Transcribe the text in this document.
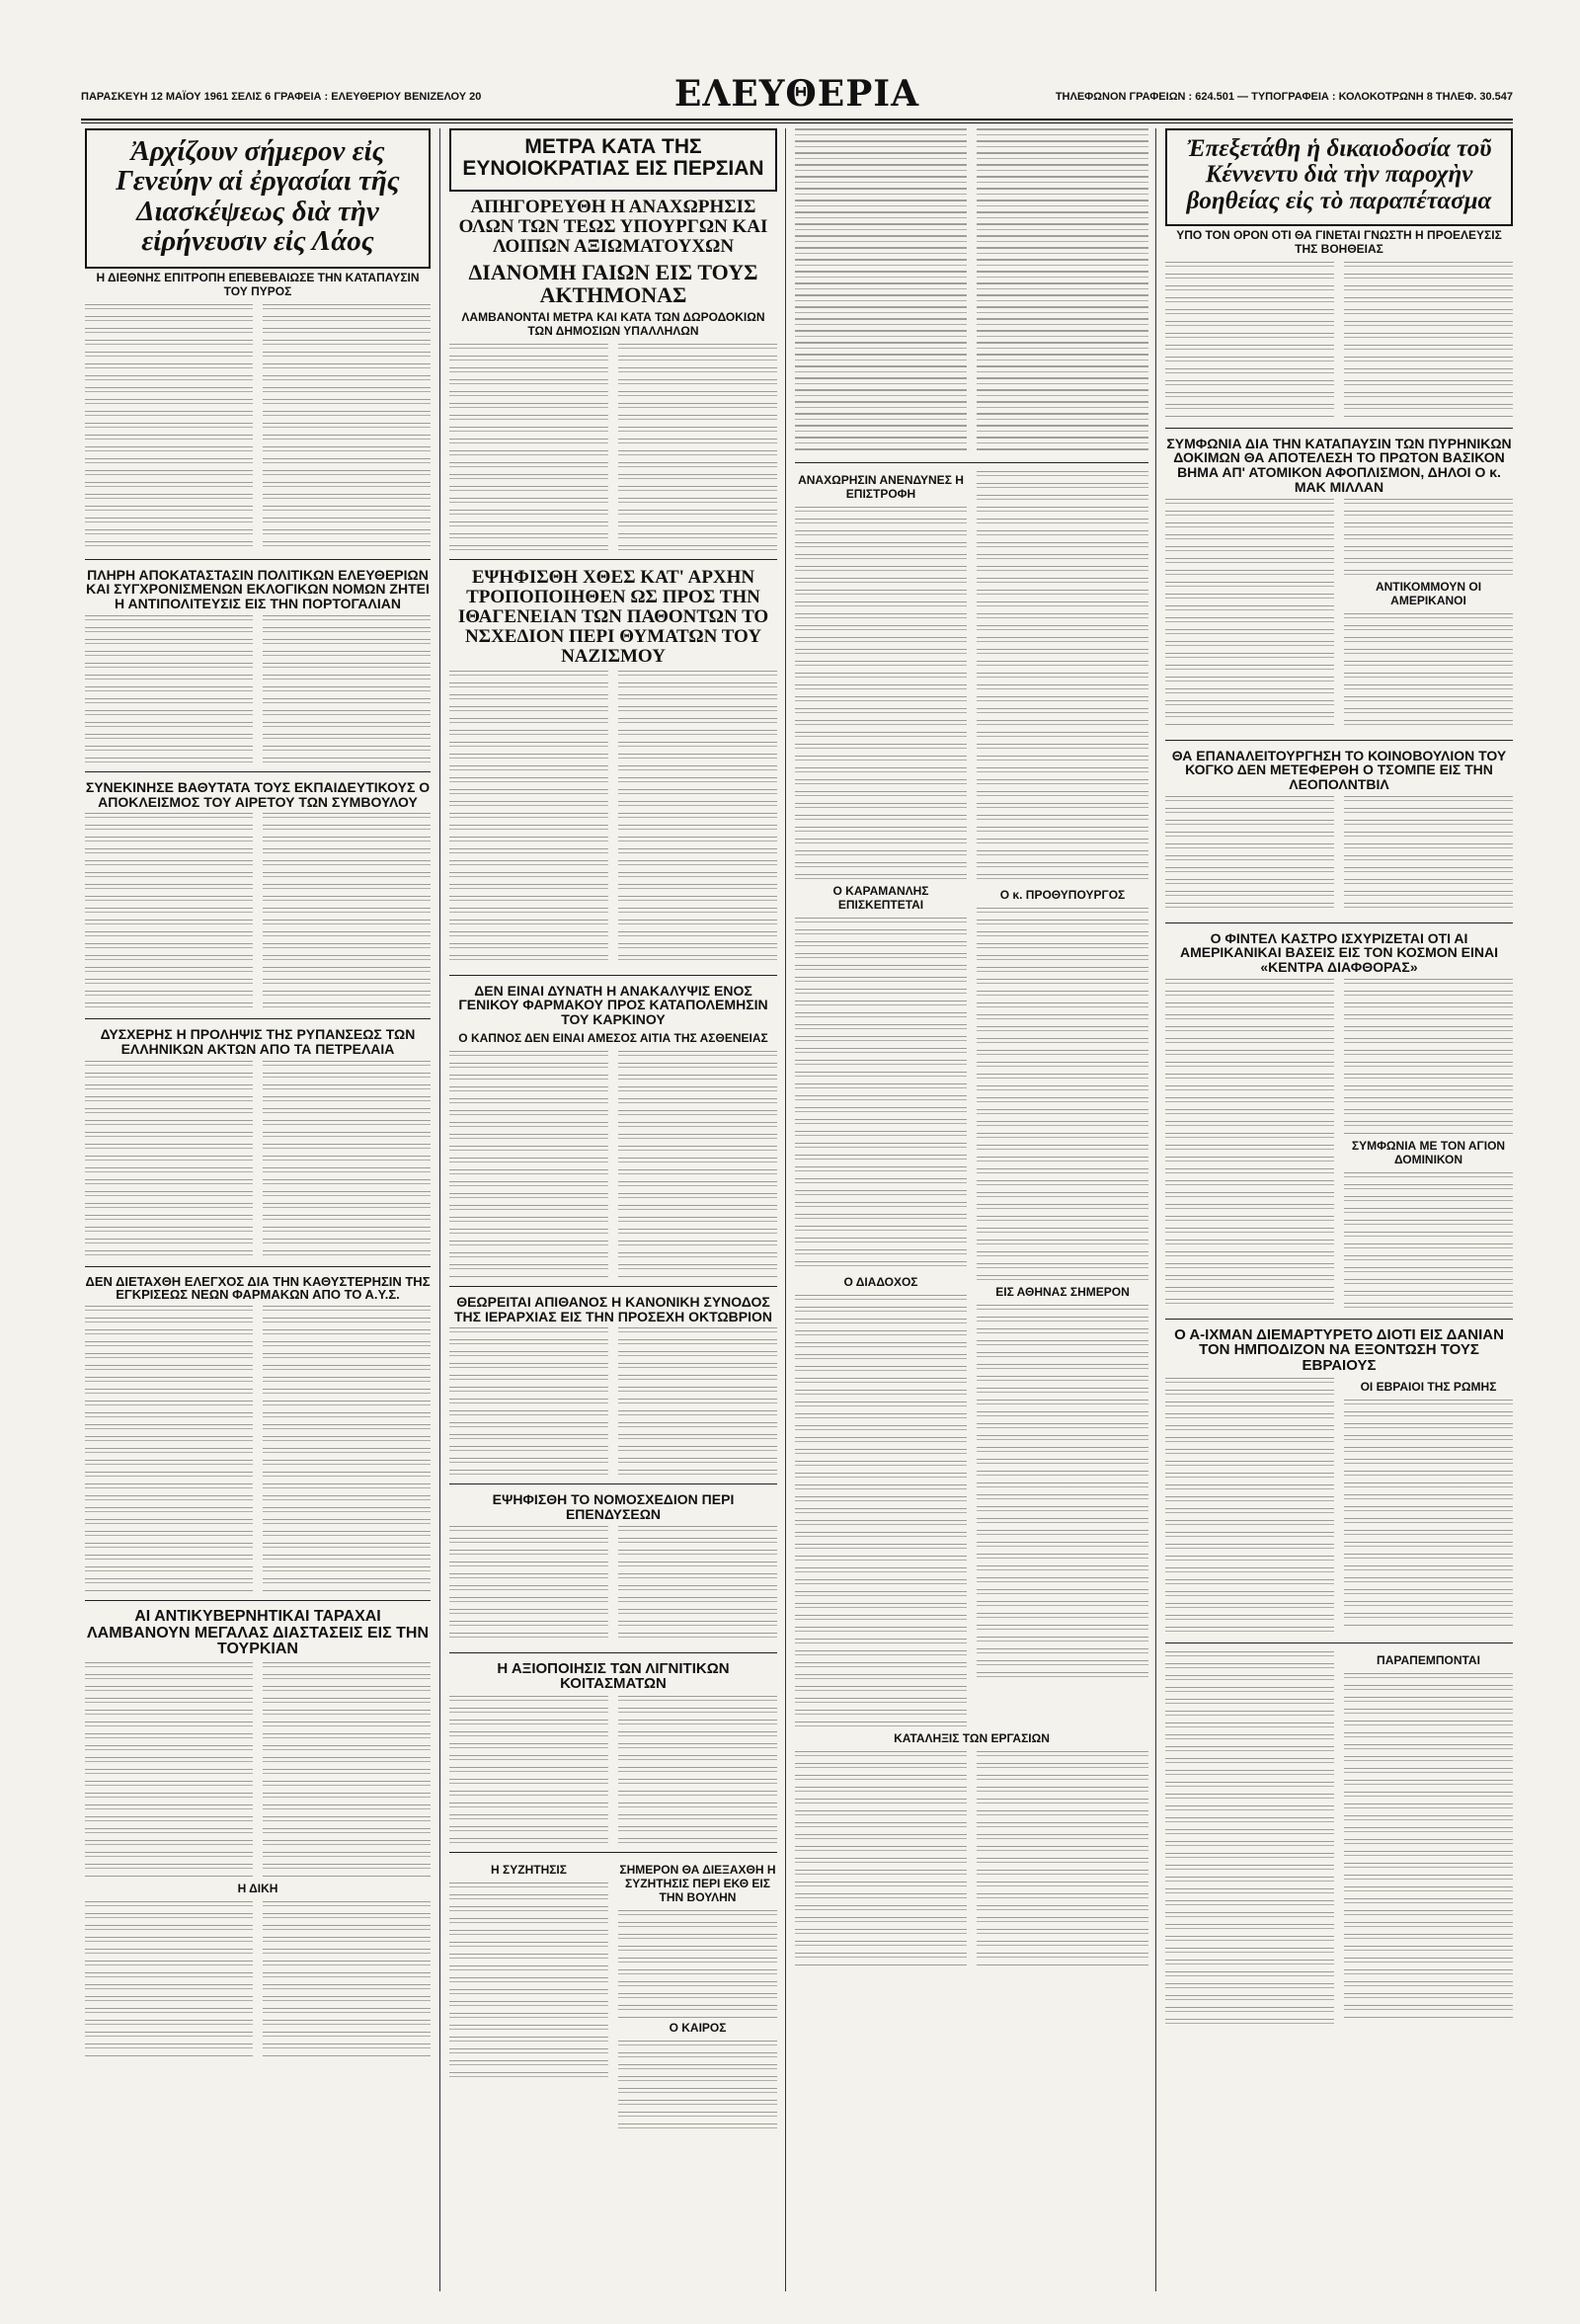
ΠΑΡΑΣΚΕΥΗ 12 ΜΑΪΟΥ 1961 ΣΕΛΙΣ 6 ΓΡΑΦΕΙΑ : ΕΛΕΥΘΕΡΙΟΥ ΒΕΝΙΖΕΛΟΥ 20	ΕΛΕΥΘΕΡΙΑ	ΤΗΛΕΦΩΝΟΝ ΓΡΑΦΕΙΩΝ : 624.501 — ΤΥΠΟΓΡΑΦΕΙΑ : ΚΟΛΟΚΟΤΡΩΝΗ 8 ΤΗΛΕΦ. 30.547
Ἀρχίζουν σήμερον εἰς Γενεύην αἱ ἐργασίαι τῆς Διασκέψεως διὰ τὴν εἰρήνευσιν εἰς Λάος
Η ΔΙΕΘΝΗΣ ΕΠΙΤΡΟΠΗ ΕΠΕΒΕΒΑΙΩΣΕ ΤΗΝ ΚΑΤΑΠΑΥΣΙΝ ΤΟΥ ΠΥΡΟΣ
ΠΛΗΡΗ ΑΠΟΚΑΤΑΣΤΑΣΙΝ ΠΟΛΙΤΙΚΩΝ ΕΛΕΥΘΕΡΙΩΝ ΚΑΙ ΣΥΓΧΡΟΝΙΣΜΕΝΩΝ ΕΚΛΟΓΙΚΩΝ ΝΟΜΩΝ ΖΗΤΕΙ Η ΑΝΤΙΠΟΛΙΤΕΥΣΙΣ ΕΙΣ ΤΗΝ ΠΟΡΤΟΓΑΛΙΑΝ
ΣΥΝΕΚΙΝΗΣΕ ΒΑΘΥΤΑΤΑ ΤΟΥΣ ΕΚΠΑΙΔΕΥΤΙΚΟΥΣ Ο ΑΠΟΚΛΕΙΣΜΟΣ ΤΟΥ ΑΙΡΕΤΟΥ ΤΩΝ ΣΥΜΒΟΥΛΟΥ
ΔΥΣΧΕΡΗΣ Η ΠΡΟΛΗΨΙΣ ΤΗΣ ΡΥΠΑΝΣΕΩΣ ΤΩΝ ΕΛΛΗΝΙΚΩΝ ΑΚΤΩΝ ΑΠΟ ΤΑ ΠΕΤΡΕΛΑΙΑ
ΔΕΝ ΔΙΕΤΑΧΘΗ ΕΛΕΓΧΟΣ ΔΙΑ ΤΗΝ ΚΑΘΥΣΤΕΡΗΣΙΝ ΤΗΣ ΕΓΚΡΙΣΕΩΣ ΝΕΩΝ ΦΑΡΜΑΚΩΝ ΑΠΟ ΤΟ Α.Υ.Σ.
ΑΙ ΑΝΤΙΚΥΒΕΡΝΗΤΙΚΑΙ ΤΑΡΑΧΑΙ ΛΑΜΒΑΝΟΥΝ ΜΕΓΑΛΑΣ ΔΙΑΣΤΑΣΕΙΣ ΕΙΣ ΤΗΝ ΤΟΥΡΚΙΑΝ
Η ΔΙΚΗ
ΜΕΤΡΑ ΚΑΤΑ ΤΗΣ ΕΥΝΟΙΟΚΡΑΤΙΑΣ ΕΙΣ ΠΕΡΣΙΑΝ
ΑΠΗΓΟΡΕΥΘΗ Η ΑΝΑΧΩΡΗΣΙΣ ΟΛΩΝ ΤΩΝ ΤΕΩΣ ΥΠΟΥΡΓΩΝ ΚΑΙ ΛΟΙΠΩΝ ΑΞΙΩΜΑΤΟΥΧΩΝ
ΔΙΑΝΟΜΗ ΓΑΙΩΝ ΕΙΣ ΤΟΥΣ ΑΚΤΗΜΟΝΑΣ
ΛΑΜΒΑΝΟΝΤΑΙ ΜΕΤΡΑ ΚΑΙ ΚΑΤΑ ΤΩΝ ΔΩΡΟΔΟΚΙΩΝ ΤΩΝ ΔΗΜΟΣΙΩΝ ΥΠΑΛΛΗΛΩΝ
ΕΨΗΦΙΣΘΗ ΧΘΕΣ ΚΑΤ' ΑΡΧΗΝ ΤΡΟΠΟΠΟΙΗΘΕΝ ΩΣ ΠΡΟΣ ΤΗΝ ΙΘΑΓΕΝΕΙΑΝ ΤΩΝ ΠΑΘΟΝΤΩΝ ΤΟ ΝΣΧΕΔΙΟΝ ΠΕΡΙ ΘΥΜΑΤΩΝ ΤΟΥ ΝΑΖΙΣΜΟΥ
ΔΕΝ ΕΙΝΑΙ ΔΥΝΑΤΗ Η ΑΝΑΚΑΛΥΨΙΣ ΕΝΟΣ ΓΕΝΙΚΟΥ ΦΑΡΜΑΚΟΥ ΠΡΟΣ ΚΑΤΑΠΟΛΕΜΗΣΙΝ ΤΟΥ ΚΑΡΚΙΝΟΥ
Ο ΚΑΠΝΟΣ ΔΕΝ ΕΙΝΑΙ ΑΜΕΣΟΣ ΑΙΤΙΑ ΤΗΣ ΑΣΘΕΝΕΙΑΣ
ΘΕΩΡΕΙΤΑΙ ΑΠΙΘΑΝΟΣ Η ΚΑΝΟΝΙΚΗ ΣΥΝΟΔΟΣ ΤΗΣ ΙΕΡΑΡΧΙΑΣ ΕΙΣ ΤΗΝ ΠΡΟΣΕΧΗ ΟΚΤΩΒΡΙΟΝ
ΕΨΗΦΙΣΘΗ ΤΟ ΝΟΜΟΣΧΕΔΙΟΝ ΠΕΡΙ ΕΠΕΝΔΥΣΕΩΝ
Η ΑΞΙΟΠΟΙΗΣΙΣ ΤΩΝ ΛΙΓΝΙΤΙΚΩΝ ΚΟΙΤΑΣΜΑΤΩΝ
Η ΣΥΖΗΤΗΣΙΣ	ΣΗΜΕΡΟΝ ΘΑ ΔΙΕΞΑΧΘΗ Η ΣΥΖΗΤΗΣΙΣ ΠΕΡΙ ΕΚΘ ΕΙΣ ΤΗΝ ΒΟΥΛΗΝ
Ο ΚΑΙΡΟΣ
ΑΝΑΧΩΡΗΣΙΝ ΑΝΕΝΔΥΝΕΣ Η ΕΠΙΣΤΡΟΦΗ
Ο ΚΑΡΑΜΑΝΛΗΣ ΕΠΙΣΚΕΠΤΕΤΑΙ
Ο ΔΙΑΔΟΧΟΣ
Ο κ. ΠΡΟΘΥΠΟΥΡΓΟΣ
ΕΙΣ ΑΘΗΝΑΣ ΣΗΜΕΡΟΝ
ΚΑΤΑΛΗΞΙΣ ΤΩΝ ΕΡΓΑΣΙΩΝ
Ἐπεξετάθη ἡ δικαιοδοσία τοῦ Κέννεντυ διὰ τὴν παροχὴν βοηθείας εἰς τὸ παραπέτασμα
ΥΠΟ ΤΟΝ ΟΡΟΝ ΟΤΙ ΘΑ ΓΙΝΕΤΑΙ ΓΝΩΣΤΗ Η ΠΡΟΕΛΕΥΣΙΣ ΤΗΣ ΒΟΗΘΕΙΑΣ
ΣΥΜΦΩΝΙΑ ΔΙΑ ΤΗΝ ΚΑΤΑΠΑΥΣΙΝ ΤΩΝ ΠΥΡΗΝΙΚΩΝ ΔΟΚΙΜΩΝ ΘΑ ΑΠΟΤΕΛΕΣΗ ΤΟ ΠΡΩΤΟΝ ΒΑΣΙΚΟΝ ΒΗΜΑ ΑΠ' ΑΤΟΜΙΚΟΝ ΑΦΟΠΛΙΣΜΟΝ, ΔΗΛΟΙ Ο κ. ΜΑΚ ΜΙΛΛΑΝ
ΑΝΤΙΚΟΜΜΟΥΝ ΟΙ ΑΜΕΡΙΚΑΝΟΙ
ΘΑ ΕΠΑΝΑΛΕΙΤΟΥΡΓΗΣΗ ΤΟ ΚΟΙΝΟΒΟΥΛΙΟΝ ΤΟΥ ΚΟΓΚΟ ΔΕΝ ΜΕΤΕΦΕΡΘΗ Ο ΤΣΟΜΠΕ ΕΙΣ ΤΗΝ ΛΕΟΠΟΛΝΤΒΙΛ
Ο ΦΙΝΤΕΛ ΚΑΣΤΡΟ ΙΣΧΥΡΙΖΕΤΑΙ ΟΤΙ ΑΙ ΑΜΕΡΙΚΑΝΙΚΑΙ ΒΑΣΕΙΣ ΕΙΣ ΤΟΝ ΚΟΣΜΟΝ ΕΙΝΑΙ «ΚΕΝΤΡΑ ΔΙΑΦΘΟΡΑΣ»
ΣΥΜΦΩΝΙΑ ΜΕ ΤΟΝ ΑΓΙΟΝ ΔΟΜΙΝΙΚΟΝ
Ο Α-ΙΧΜΑΝ ΔΙΕΜΑΡΤΥΡΕΤΟ ΔΙΟΤΙ ΕΙΣ ΔΑΝΙΑΝ ΤΟΝ ΗΜΠΟΔΙΖΟΝ ΝΑ ΕΞΟΝΤΩΣΗ ΤΟΥΣ ΕΒΡΑΙΟΥΣ
ΟΙ ΕΒΡΑΙΟΙ ΤΗΣ ΡΩΜΗΣ
ΠΑΡΑΠΕΜΠΟΝΤΑΙ
